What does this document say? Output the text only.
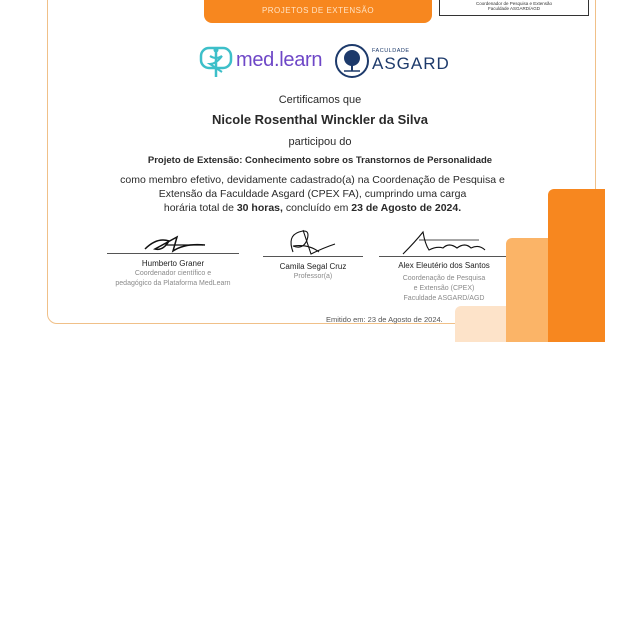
PROJETOS DE EXTENSÃO
Coordenador de Pesquisa e Extensão
Faculdade ASGARD/AGD
med.learn	FACULDADE
ASGARD
Certificamos que
Nicole Rosenthal Winckler da Silva
participou do
Projeto de Extensão: Conhecimento sobre os Transtornos de Personalidade
como membro efetivo, devidamente cadastrado(a) na Coordenação de Pesquisa e
Extensão da Faculdade Asgard (CPEX FA), cumprindo uma carga
horária total de 30 horas, concluído em 23 de Agosto de 2024.
Humberto Graner
Coordenador científico e
pedagógico da Plataforma MedLearn
Camila Segal Cruz
Professor(a)
Alex Eleutério dos Santos
Coordenação de Pesquisa
e Extensão (CPEX)
Faculdade ASGARD/AGD
Emitido em: 23 de Agosto de 2024.
